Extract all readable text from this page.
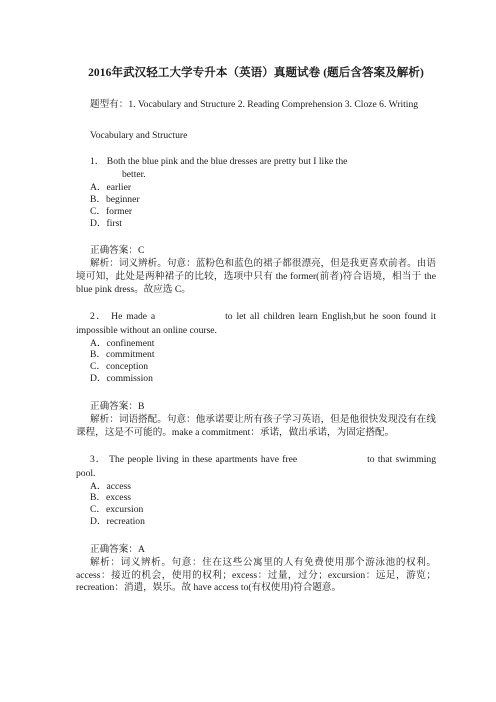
2016年武汉轻工大学专升本（英语）真题试卷 (题后含答案及解析)

题型有：1. Vocabulary and Structure 2. Reading Comprehension 3. Cloze 6. Writing

Vocabulary and Structure

1． Both the blue pink and the blue dresses are pretty but I like the
better.

A．earlier
B．beginner
C．former
D．first
正确答案：C
解析：词义辨析。句意：蓝粉色和蓝色的裙子都很漂亮，但是我更喜欢前者。由语境可知，此处是两种裙子的比较，选项中只有 the former(前者)符合语境，相当于 the blue pink dress。故应选 C。

2． He made a	to let all children learn English,but he soon found it impossible without an online course.

A．confinement
B．commitment
C．conception
D．commission
正确答案：B
解析：词语搭配。句意：他承诺要让所有孩子学习英语，但是他很快发现没有在线课程，这是不可能的。make a commitment：承诺，做出承诺，为固定搭配。

3． The people living in these apartments have free	to that swimming pool.

A．access
B．excess
C．excursion
D．recreation
正确答案：A
解析：词义辨析。句意：住在这些公寓里的人有免费使用那个游泳池的权利。access：接近的机会，使用的权利；excess：过量，过分；excursion：远足，游览；recreation：消遣，娱乐。故 have access to(有权使用)符合题意。
